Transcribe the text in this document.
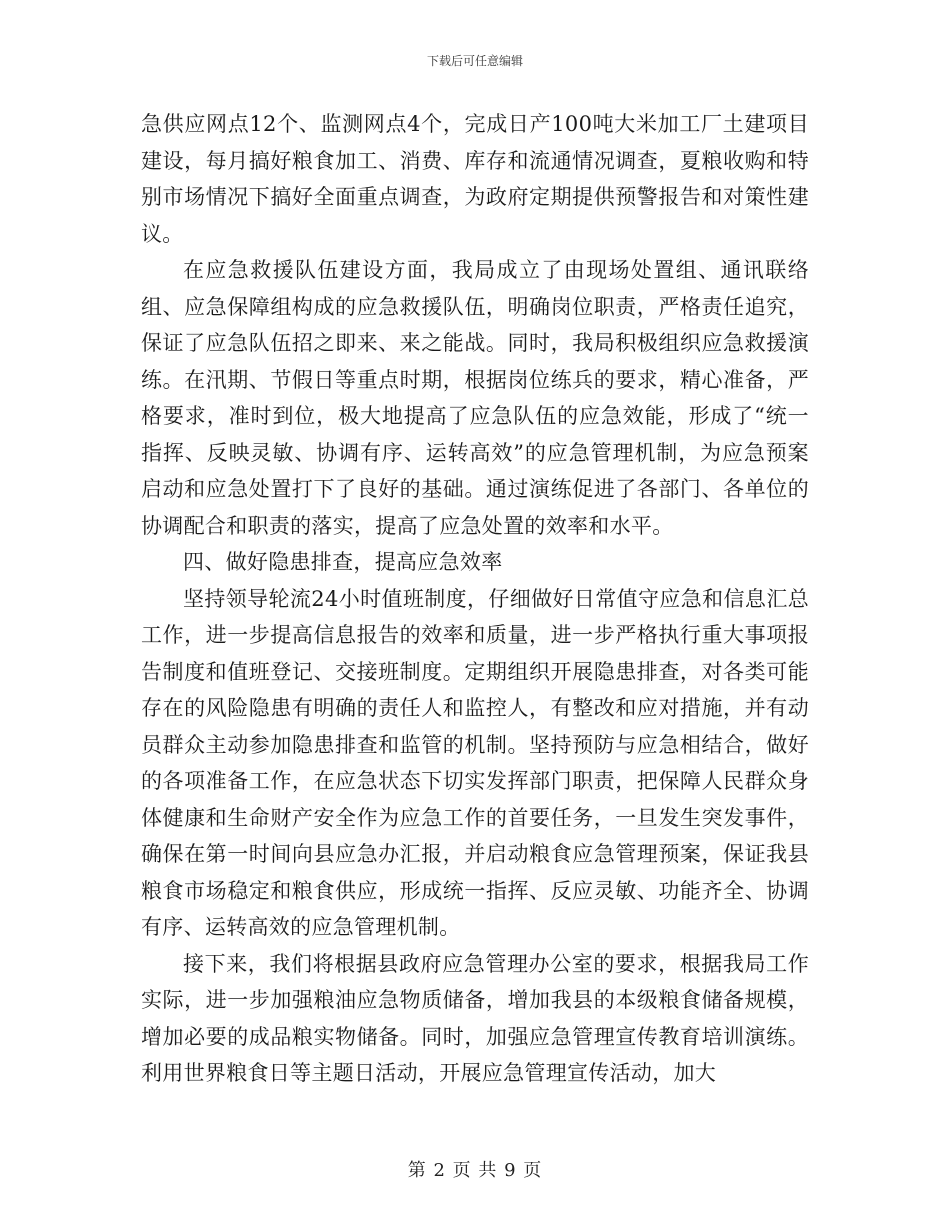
下载后可任意编辑

急供应网点12个、监测网点4个，完成日产100吨大米加工厂土建项目建设，每月搞好粮食加工、消费、库存和流通情况调查，夏粮收购和特别市场情况下搞好全面重点调查，为政府定期提供预警报告和对策性建议。

在应急救援队伍建设方面，我局成立了由现场处置组、通讯联络组、应急保障组构成的应急救援队伍，明确岗位职责，严格责任追究，保证了应急队伍招之即来、来之能战。同时，我局积极组织应急救援演练。在汛期、节假日等重点时期，根据岗位练兵的要求，精心准备，严格要求，准时到位，极大地提高了应急队伍的应急效能，形成了“统一指挥、反映灵敏、协调有序、运转高效”的应急管理机制，为应急预案启动和应急处置打下了良好的基础。通过演练促进了各部门、各单位的协调配合和职责的落实，提高了应急处置的效率和水平。

四、做好隐患排查，提高应急效率

坚持领导轮流24小时值班制度，仔细做好日常值守应急和信息汇总工作，进一步提高信息报告的效率和质量，进一步严格执行重大事项报告制度和值班登记、交接班制度。定期组织开展隐患排查，对各类可能存在的风险隐患有明确的责任人和监控人，有整改和应对措施，并有动员群众主动参加隐患排查和监管的机制。坚持预防与应急相结合，做好的各项准备工作，在应急状态下切实发挥部门职责，把保障人民群众身体健康和生命财产安全作为应急工作的首要任务，一旦发生突发事件，确保在第一时间向县应急办汇报，并启动粮食应急管理预案，保证我县粮食市场稳定和粮食供应，形成统一指挥、反应灵敏、功能齐全、协调有序、运转高效的应急管理机制。

接下来，我们将根据县政府应急管理办公室的要求，根据我局工作实际，进一步加强粮油应急物质储备，增加我县的本级粮食储备规模，增加必要的成品粮实物储备。同时，加强应急管理宣传教育培训演练。利用世界粮食日等主题日活动，开展应急管理宣传活动，加大

第 2 页 共 9 页
